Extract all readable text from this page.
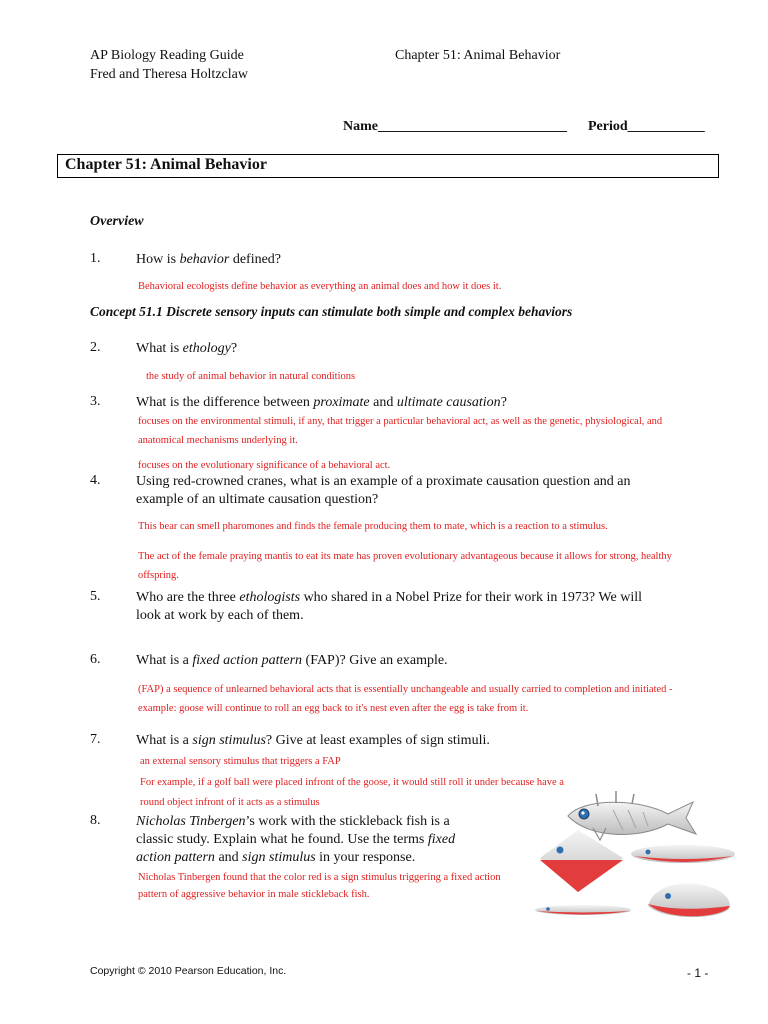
AP Biology Reading Guide
Fred and Theresa Holtzclaw
Chapter 51: Animal Behavior
Name___________________________ Period___________
Chapter 51: Animal Behavior
Overview
1.	How is behavior defined?
Behavioral ecologists define behavior as everything an animal does and how it does it.
Concept 51.1 Discrete sensory inputs can stimulate both simple and complex behaviors
2.	What is ethology?
the study of animal behavior in natural conditions
3.	What is the difference between proximate and ultimate causation?
focuses on the environmental stimuli, if any, that trigger a particular behavioral act, as well as the genetic, physiological, and
anatomical mechanisms underlying it.
focuses on the evolutionary significance of a behavioral act.
4.	Using red-crowned cranes, what is an example of a proximate causation question and an
example of an ultimate causation question?
This bear can smell pharomones and finds the female producing them to mate, which is a reaction to a stimulus.
The act of the female praying mantis to eat its mate has proven evolutionary advantageous because it allows for strong, healthy
offspring.
5.	Who are the three ethologists who shared in a Nobel Prize for their work in 1973? We will
look at work by each of them.
6.	What is a fixed action pattern (FAP)? Give an example.
(FAP) a sequence of unlearned behavioral acts that is essentially unchangeable and usually carried to completion and initiated -
example: goose will continue to roll an egg back to it's nest even after the egg is take from it.
7.	What is a sign stimulus? Give at least examples of sign stimuli.
an external sensory stimulus that triggers a FAP
For example, if a golf ball were placed infront of the goose, it would still roll it under because have a
round object infront of it acts as a stimulus
8.	Nicholas Tinbergen’s work with the stickleback fish is a
classic study. Explain what he found. Use the terms fixed
action pattern and sign stimulus in your response.
Nicholas Tinbergen found that the color red is a sign stimulus triggering a fixed action
pattern of aggressive behavior in male stickleback fish.
Copyright © 2010 Pearson Education, Inc.	- 1 -
